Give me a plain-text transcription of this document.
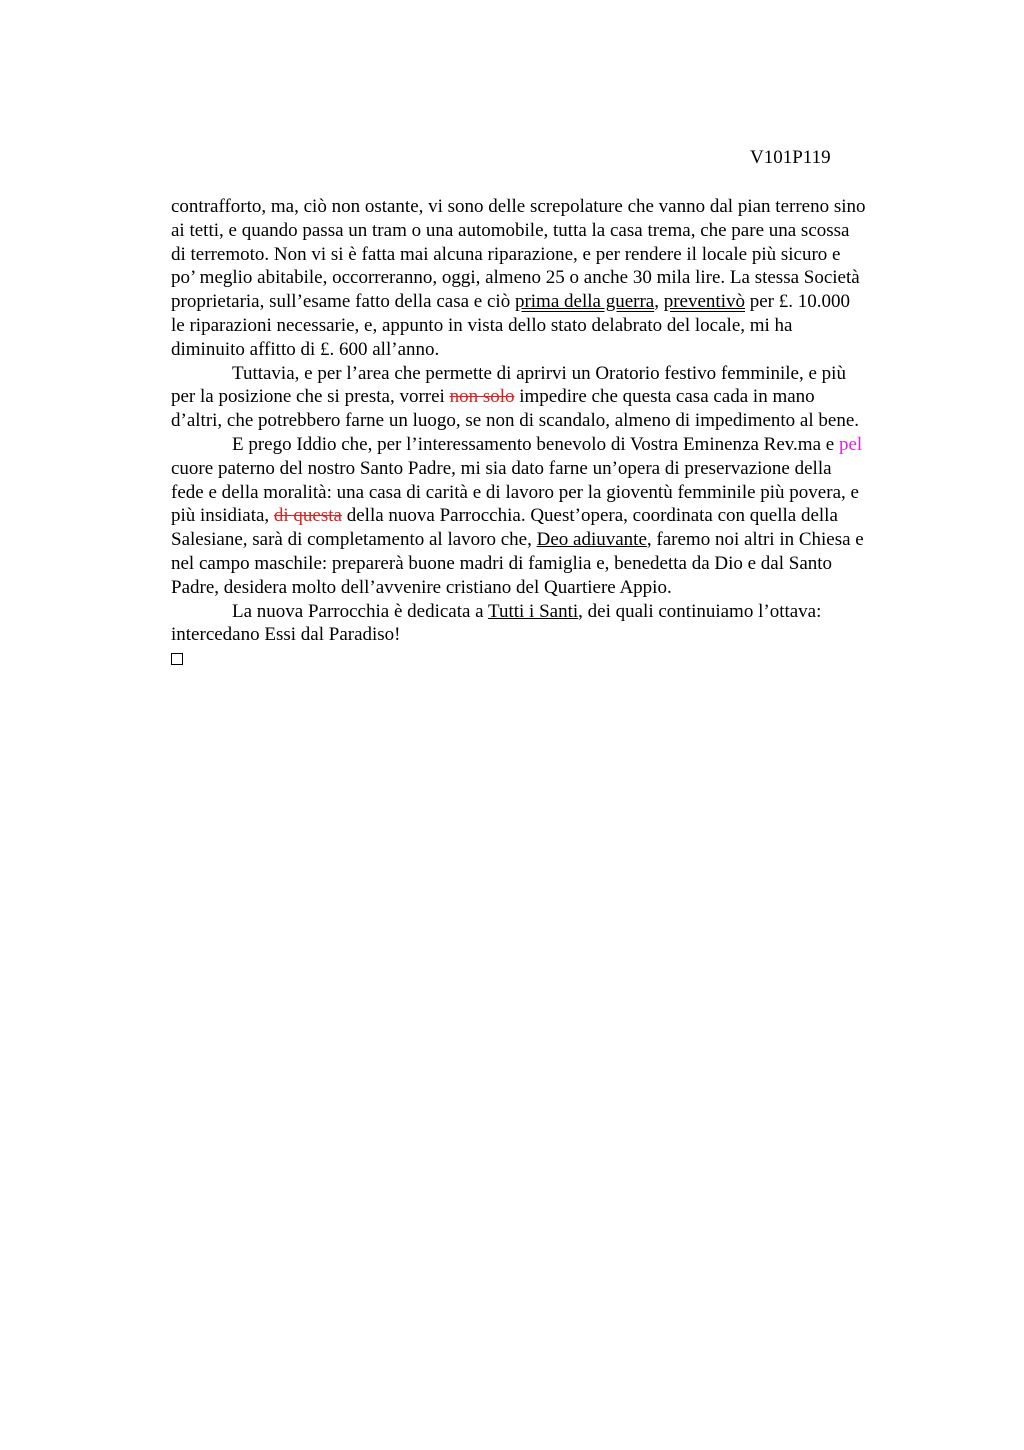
V101P119

contrafforto, ma, ciò non ostante, vi sono delle screpolature che vanno dal pian terreno sino
ai tetti, e quando passa un tram o una automobile, tutta la casa trema, che pare una scossa
di terremoto. Non vi si è fatta mai alcuna riparazione, e per rendere il locale più sicuro e
po’ meglio abitabile, occorreranno, oggi, almeno 25 o anche 30 mila lire. La stessa Società
proprietaria, sull’esame fatto della casa e ciò prima della guerra, preventivò per £. 10.000
le riparazioni necessarie, e, appunto in vista dello stato delabrato del locale, mi ha
diminuito affitto di £. 600 all’anno.

Tuttavia, e per l’area che permette di aprirvi un Oratorio festivo femminile, e più
per la posizione che si presta, vorrei non solo impedire che questa casa cada in mano
d’altri, che potrebbero farne un luogo, se non di scandalo, almeno di impedimento al bene.

E prego Iddio che, per l’interessamento benevolo di Vostra Eminenza Rev.ma e pel
cuore paterno del nostro Santo Padre, mi sia dato farne un’opera di preservazione della
fede e della moralità: una casa di carità e di lavoro per la gioventù femminile più povera, e
più insidiata, di questa della nuova Parrocchia. Quest’opera, coordinata con quella della
Salesiane, sarà di completamento al lavoro che, Deo adiuvante, faremo noi altri in Chiesa e
nel campo maschile: preparerà buone madri di famiglia e, benedetta da Dio e dal Santo
Padre, desidera molto dell’avvenire cristiano del Quartiere Appio.

La nuova Parrocchia è dedicata a Tutti i Santi, dei quali continuiamo l’ottava:
intercedano Essi dal Paradiso!
